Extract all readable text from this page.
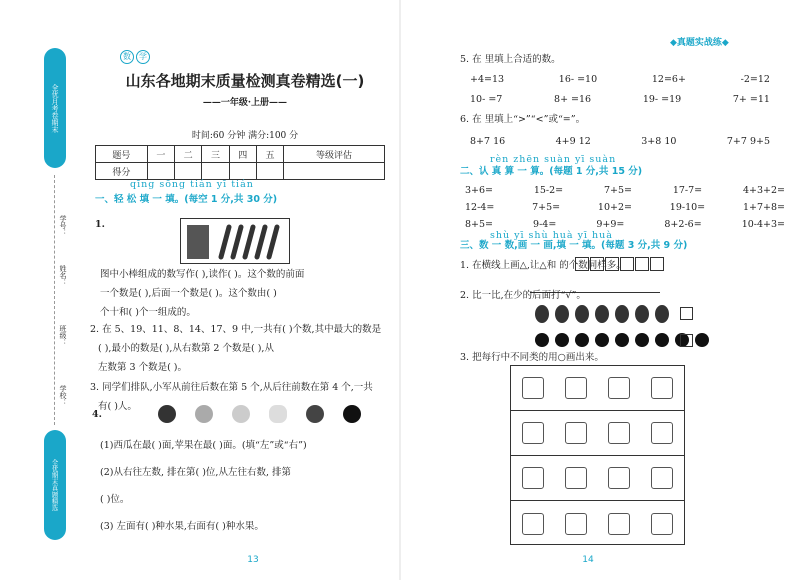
全优月考卷期末
学号：
姓名：
班级：
学校：
全优期末真题精选
数	学
山东各地期末质量检测真卷精选(一)
——一年级·上册——
时间:60 分钟 满分:100 分
题号	一	二	三	四	五	等级评估
得分						
qīng sōng tián yī tián
一、轻 松 填 一 填。(每空 1 分,共 30 分)
1.
图中小棒组成的数写作( ),读作( )。这个数的前面
一个数是( ),后面一个数是( )。这个数由( )
个十和( )个一组成的。
2. 在 5、19、11、8、14、17、9 中,一共有( )个数,其中最大的数是
( ),最小的数是( ),从右数第 2 个数是( ),从
左数第 3 个数是( )。
3. 同学们排队,小军从前往后数在第 5 个,从后往前数在第 4 个,一共
有( )人。
4.

(1)西瓜在最( )面,苹果在最( )面。(填“左”或“右”)
(2)从右往左数, 排在第( )位,从左往右数, 排第
( )位。
(3) 左面有( )种水果,右面有( )种水果。
13
◆真题实战练◆
5. 在 里填上合适的数。
+4=13	16- =10	12=6+	-2=12
10- =7	8+ =16	19- =19	7+ =11
6. 在 里填上“>”“<”或“=”。
8+7 16	4+9 12	3+8 10	7+7 9+5
rèn zhēn suàn yī suàn
二、认 真 算 一 算。(每题 1 分,共 15 分)
3+6=	15-2=	7+5=	17-7=	4+3+2=
12-4=	7+5=	10+2=	19-10=	1+7+8=
8+5=	9-4=	9+9=	8+2-6=	10-4+3=
shù yī shù huà yī huà
三、数 一 数,画 一 画,填 一 填。(每题 3 分,共 9 分)
1. 在横线上画△,让△和 的个数同样多。
2. 比一比,在少的后面打“√”。
3. 把每行中不同类的用○画出来。
14
